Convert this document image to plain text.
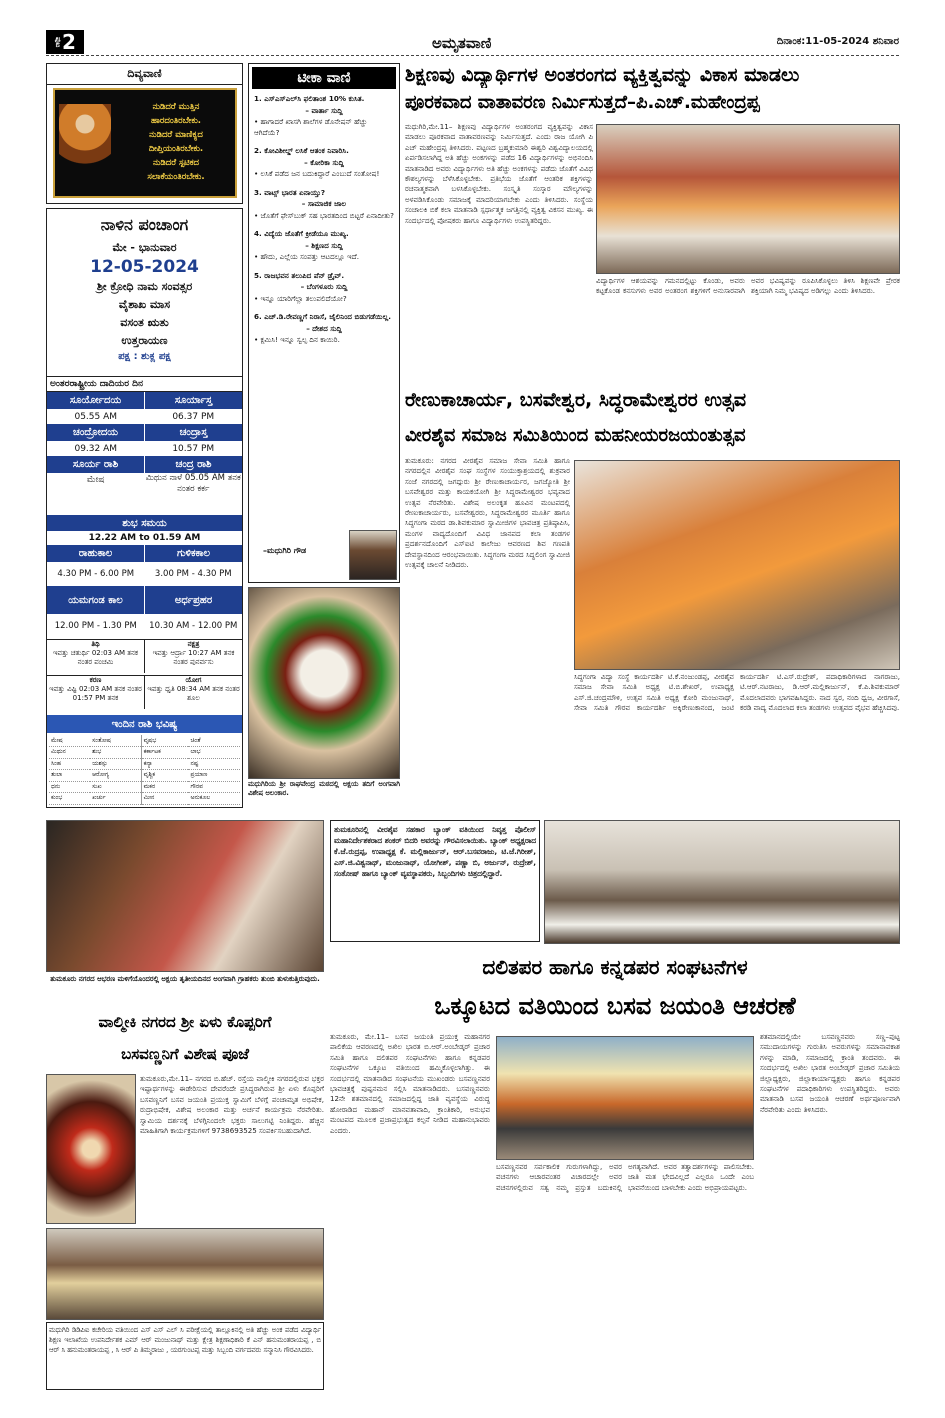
ಪುಟ 2	ಅಮೃತವಾಣಿ	ದಿನಾಂಕ:11-05-2024 ಶನಿವಾರ
ದಿವ್ಯವಾಣಿ
ನುಡಿದರೆ ಮುತ್ತಿನ
ಹಾರದಂತಿರಬೇಕು.
ನುಡಿದರೆ ಮಾಣಿಕ್ಯದ
ದೀಪ್ತಿಯಂತಿರಬೇಕು.
ನುಡಿದರೆ ಸ್ಪಟಿಕದ
ಸಲಾಕೆಯಂತಿರಬೇಕು.
ನಾಳಿನ ಪಂಚಾಂಗ
ಮೇ - ಭಾನುವಾರ
12-05-2024
ಶ್ರೀ ಕ್ರೋಧಿ ನಾಮ ಸಂವತ್ಸರ
ವೈಶಾಖ ಮಾಸ
ವಸಂತ ಋತು
ಉತ್ತರಾಯಣ
ಪಕ್ಷ : ಶುಕ್ಲ ಪಕ್ಷ
ಅಂತರರಾಷ್ಟ್ರೀಯ ದಾದಿಯರ ದಿನ
ಸೂರ್ಯೋದಯ	ಸೂರ್ಯಾಸ್ತ
05.55 AM	06.37 PM
ಚಂದ್ರೋದಯ	ಚಂದ್ರಾಸ್ತ
09.32 AM	10.57 PM
ಸೂರ್ಯ ರಾಶಿ	ಚಂದ್ರ ರಾಶಿ
ಮೇಷ	ಮಿಥುನ ನಾಳೆ 05.05 AM ತನಕ ನಂತರ ಕರ್ಕ
ಶುಭ ಸಮಯ
12.22 AM to 01.59 AM
ರಾಹುಕಾಲ	ಗುಳಿಕಕಾಲ
4.30 PM - 6.00 PM	3.00 PM - 4.30 PM
ಯಮಗಂಡ ಕಾಲ	ಅರ್ಧಪ್ರಹರ
12.00 PM - 1.30 PM	10.30 AM - 12.00 PM
ತಿಥಿ
ಇವತ್ತು ಚತುರ್ಥಿ 02:03 AM ತನಕ ನಂತರ ಪಂಚಮಿ
ನಕ್ಷತ್ರ
ಇವತ್ತು ಆರ್ದ್ರಾ 10:27 AM ತನಕ ನಂತರ ಪುನರ್ವಸು
ಕರಣ
ಇವತ್ತು ವಿಷ್ಟಿ 02:03 AM ತನಕ ನಂತರ 01:57 PM ತನಕ
ಯೋಗ
ಇವತ್ತು ಧೃತಿ 08:34 AM ತನಕ ನಂತರ ಶೂಲ
ಇಂದಿನ ರಾಶಿ ಭವಿಷ್ಯ
ಮೇಷ	ಸಂತೋಷ	ವೃಷಭ	ಚಿಂತೆ
ಮಿಥುನ	ಶುಭ	ಕರ್ಕಾಟಕ	ಲಾಭ
ಸಿಂಹ	ಯಶಸ್ಸು	ಕನ್ಯಾ	ನಷ್ಟ
ತುಲಾ	ಆರೋಗ್ಯ	ವೃಶ್ಚಿಕ	ಪ್ರಯಾಣ
ಧನು	ಸುಖ	ಮಕರ	ಗೌರವ
ಕುಂಭ	ಖರ್ಚು	ಮೀನ	ಅನುಕೂಲ
ಟೀಕಾ ವಾಣಿ
1. ಎಸ್‌ಎಸ್‌ಎಲ್‌ಸಿ ಫಲಿತಾಂಶ 10% ಕುಸಿತ.
– ವಾರ್ತಾ ಸುದ್ದಿ
• ಹಾಗಾದರೆ ಖಾಸಗಿ ಶಾಲೆಗಳ ಡೊನೇಷನ್ ಹೆಚ್ಚು ಆಗಿದೆಯೆ?
2. ಕೋವಿಶೀಲ್ಡ್ ಲಸಿಕೆ ಆತಂಕ ನಿವಾರಿಸಿ.
– ಕೋರಿಕಾ ಸುದ್ದಿ
• ಲಸಿಕೆ ಪಡೆದ ಜನ ಬದುಕಿದ್ದಾರೆ ಎಂಬುದೆ ಸಂತೋಷ!
3. ವಾಟ್ಸ್ ಭಾರತ ಏನಾಯ್ತು?
– ಸಾಮಾಜಿಕ ಜಾಲ
• ಜೊತೆಗೆ ಫೇಸ್‌ಬುಕ್ ಸಹ ಭಾರತದಿಂದ ಬಿಟ್ಟರೆ ಏನಾದೀತು?
4. ವಿದ್ಯೆಯ ಜೊತೆಗೆ ಕ್ರೀಡೆಯೂ ಮುಖ್ಯ.
– ಶಿಕ್ಷಣದ ಸುದ್ದಿ
• ಹೌದು, ಎಲ್ಲೆಯ ಸಂಪತ್ತು ಆಟದಲ್ಲೂ ಇದೆ.
5. ರಾಜಭವನ ತಲುಪಿದ ಪೆನ್ ಡ್ರೈವ್.
– ಬೆಂಗಳೂರು ಸುದ್ದಿ
• ಇನ್ನೂ ಯಾರಿಗೆಲ್ಲಾ ತಲುಪಲಿದೆಯೋ?
6. ಎಚ್.ಡಿ.ರೇವಣ್ಣಗೆ ನಿರಾಸೆ, ಜೈಲಿನಿಂದ ಬಿಡುಗಡೆಯಿಲ್ಲ.
– ದೇಶದ ಸುದ್ದಿ
• ಕ್ಷಮಿಸಿ! ಇನ್ನೂ ಸ್ವಲ್ಪ ದಿನ ಕಾಯಿರಿ.
–ಮಧುಗಿರಿ ಗೌಡ
ಮಧುಗಿರಿಯ ಶ್ರೀ ರಾಘವೇಂದ್ರ ಮಠದಲ್ಲಿ ಅಕ್ಷಯ ತದಿಗೆ ಅಂಗವಾಗಿ ವಿಶೇಷ ಅಲಂಕಾರ.
ಶಿಕ್ಷಣವು ವಿದ್ಯಾರ್ಥಿಗಳ ಅಂತರಂಗದ ವ್ಯಕ್ತಿತ್ವವನ್ನು ವಿಕಾಸ ಮಾಡಲು
ಪೂರಕವಾದ ವಾತಾವರಣ ನಿರ್ಮಿಸುತ್ತದೆ–ಪಿ.ಎಚ್.ಮಹೇಂದ್ರಪ್ಪ
ಮಧುಗಿರಿ,ಮೇ.11– ಶಿಕ್ಷಣವು ವಿದ್ಯಾರ್ಥಿಗಳ ಅಂತರಂಗದ ವ್ಯಕ್ತಿತ್ವವನ್ನು ವಿಕಾಸ ಮಾಡಲು ಪೂರಕವಾದ ವಾತಾವರಣವನ್ನು ನಿರ್ಮಿಸುತ್ತದೆ. ಎಂದು ರಾಜ ಯೋಗಿ ಪಿ ಎಚ್ ಮಹೇಂದ್ರಪ್ಪ ತಿಳಿಸಿದರು. ಪಟ್ಟಣದ ಬ್ರಹ್ಮಕುಮಾರಿ ಈಶ್ವರಿ ವಿಶ್ವವಿದ್ಯಾಲಯದಲ್ಲಿ ಏರ್ಪಡಿಸಲಾಗಿದ್ದ ಅತಿ ಹೆಚ್ಚು ಅಂಕಗಳನ್ನು ಪಡೆದ 16 ವಿದ್ಯಾರ್ಥಿಗಳನ್ನು ಅಭಿನಂದಿಸಿ ಮಾತನಾಡಿದ ಅವರು ವಿದ್ಯಾರ್ಥಿಗಳು ಅತಿ ಹೆಚ್ಚು ಅಂಕಗಳನ್ನು ಪಡೆದು ಜೊತೆಗೆ ವಿವಿಧ ಕೌಶಲ್ಯಗಳನ್ನು ಬೆಳೆಸಿಕೊಳ್ಳಬೇಕು. ಪ್ರತಿಭೆಯ ಜೊತೆಗೆ ಆಂತರಿಕ ಶಕ್ತಿಗಳನ್ನು ರಚನಾತ್ಮಕವಾಗಿ ಬಳಸಿಕೊಳ್ಳಬೇಕು. ಸಂಸ್ಕೃತಿ ಸಂಸ್ಕಾರ ಮೌಲ್ಯಗಳನ್ನು ಅಳವಡಿಸಿಕೊಂಡು ಸಮಾಜಕ್ಕೆ ಮಾದರಿಯಾಗಬೇಕು ಎಂದು ತಿಳಿಸಿದರು. ಸಂಸ್ಥೆಯ ಸಂಚಾಲಕಿ ಬಿಕೆ ಕಲಾ ಮಾತನಾಡಿ ಸ್ಪರ್ಧಾತ್ಮಕ ಜಗತ್ತಿನಲ್ಲಿ ವ್ಯಕ್ತಿತ್ವ ವಿಕಸನ ಮುಖ್ಯ. ಈ ಸಂದರ್ಭದಲ್ಲಿ ಪೋಷಕರು ಹಾಗೂ ವಿದ್ಯಾರ್ಥಿಗಳು ಉಪಸ್ಥಿತರಿದ್ದರು.
ವಿದ್ಯಾರ್ಥಿಗಳ ಆಶಯವನ್ನು ಗಮನದಲ್ಲಿಟ್ಟು ಕೊಂಡು, ಅವರು ಕಟ್ಟಕೊಂಡ ಕನಸುಗಳು ಅವರ ಅಂತರಂಗ ಶಕ್ತಿಗಳಿಗೆ ಅನುಸಾರವಾಗಿ ಅವರ ಭವಿಷ್ಯವನ್ನು ರೂಪಿಸಿಕೊಳ್ಳಲು ತಿಳಿಸಿ ಶಿಕ್ಷಣವೇ ಪ್ರೇರಕ ಶಕ್ತಿಯಾಗಿ ನಿಮ್ಮ ಭವಿಷ್ಯದ ಅಡಿಗಲ್ಲು ಎಂದು ತಿಳಿಸಿದರು.
ರೇಣುಕಾಚಾರ್ಯ, ಬಸವೇಶ್ವರ, ಸಿದ್ಧರಾಮೇಶ್ವರರ ಉತ್ಸವ
ವೀರಶೈವ ಸಮಾಜ ಸಮಿತಿಯಿಂದ ಮಹನೀಯರಜಯಂತುತ್ಸವ
ತುಮಕೂರು: ನಗರದ ವೀರಶೈವ ಸಮಾಜ ಸೇವಾ ಸಮಿತಿ ಹಾಗೂ ನಗರದಲ್ಲಿನ ವೀರಶೈವ ಸಂಘ ಸಂಸ್ಥೆಗಳ ಸಂಯುಕ್ತಾಶ್ರಯದಲ್ಲಿ ಶುಕ್ರವಾರ ಸಂಜೆ ನಗರದಲ್ಲಿ ಜಗದ್ಗುರು ಶ್ರೀ ರೇಣುಕಾಚಾರ್ಯರ, ಜಗಜ್ಯೋತಿ ಶ್ರೀ ಬಸವೇಶ್ವರರ ಮತ್ತು ಕಾಯಕಯೋಗಿ ಶ್ರೀ ಸಿದ್ಧರಾಮೇಶ್ವರರ ಭವ್ಯವಾದ ಉತ್ಸವ ನೆರವೇರಿತು. ವಿಶೇಷ ಅಲಂಕೃತ ಹೂವಿನ ಮಂಟಪದಲ್ಲಿ ರೇಣುಕಾಚಾರ್ಯರು, ಬಸವೇಶ್ವರರು, ಸಿದ್ಧರಾಮೇಶ್ವರರ ಮೂರ್ತಿ ಹಾಗೂ ಸಿದ್ಧಗಂಗಾ ಮಠದ ಡಾ.ಶಿವಕುಮಾರ ಸ್ವಾಮೀಜಿಗಳ ಭಾವಚಿತ್ರ ಪ್ರತಿಷ್ಠಾಪಿಸಿ, ಮಂಗಳ ವಾದ್ಯದೊಂದಿಗೆ ವಿವಿಧ ಜಾನಪದ ಕಲಾ ತಂಡಗಳ ಪ್ರದರ್ಶನದೊಂದಿಗೆ ಎಸ್‌ಐಟಿ ಕಾಲೇಜು ಆವರಣದ ಶಿವ ಗಣಪತಿ ದೇವಸ್ಥಾನದಿಂದ ಆರಂಭವಾಯಿತು. ಸಿದ್ಧಗಂಗಾ ಮಠದ ಸಿದ್ಧಲಿಂಗ ಸ್ವಾಮೀಜಿ ಉತ್ಸವಕ್ಕೆ ಚಾಲನೆ ನೀಡಿದರು.
ಸಿದ್ಧಗಂಗಾ ವಿದ್ಯಾ ಸಂಸ್ಥೆ ಕಾರ್ಯದರ್ಶಿ ಟಿ.ಕೆ.ನಂಜುಂಡಪ್ಪ, ವೀರಶೈವ ಸಮಾಜ ಸೇವಾ ಸಮಿತಿ ಅಧ್ಯಕ್ಷ ಟಿ.ಬಿ.ಶೇಖರ್, ಉಪಾಧ್ಯಕ್ಷ ಎಸ್.ಜಿ.ಚಂದ್ರಮೌಳಿ, ಉತ್ಸವ ಸಮಿತಿ ಅಧ್ಯಕ್ಷ ಕೋರಿ ಮಂಜುನಾಥ್, ಸೇವಾ ಸಮಿತಿ ಗೌರವ ಕಾರ್ಯದರ್ಶಿ ಅಕ್ಕಿರೇಣುಕಾನಂದ, ಜಂಟಿ ಕಾರ್ಯದರ್ಶಿ ಟಿ.ಎಸ್.ರುದ್ರೇಶ್, ಪದಾಧಿಕಾರಿಗಳಾದ ನಾಗರಾಜು, ಟಿ.ಆರ್.ನಟರಾಜು, ಡಿ.ಆರ್.ಮಲ್ಲಿಕಾರ್ಜುನ್, ಕೆ.ಪಿ.ಶಿವಕುಮಾರ್ ಮೊದಲಾದವರು ಭಾಗವಹಿಸಿದ್ದರು. ನಾದ ಸ್ವರ, ನಂದಿ ಧ್ವಜ, ವೀರಗಾಸೆ, ಕರಡಿ ವಾದ್ಯ ಮೊದಲಾದ ಕಲಾ ತಂಡಗಳು ಉತ್ಸವದ ವೈಭವ ಹೆಚ್ಚಿಸಿದವು.
ತುಮಕೂರು ನಗರದ ಆಭರಣ ಮಳಿಗೆಯೊಂದರಲ್ಲಿ ಅಕ್ಷಯ ತೃತೀಯದಿನದ ಅಂಗವಾಗಿ ಗ್ರಾಹಕರು ತುಂಬಿ ತುಳುಕುತ್ತಿರುವುದು.
ತುಮಕೂರಿನಲ್ಲಿ ವೀರಶೈವ ಸಹಕಾರ ಬ್ಯಾಂಕ್ ವತಿಯಿಂದ ನಿವೃತ್ತ ಪೊಲೀಸ್ ಮಹಾನಿರ್ದೇಶಕರಾದ ಶಂಕರ್ ಬಿದರಿ ಅವರನ್ನು ಗೌರವಿಸಲಾಯಿತು. ಬ್ಯಾಂಕ್ ಅಧ್ಯಕ್ಷರಾದ ಕೆ.ಜೆ.ರುದ್ರಪ್ಪ, ಉಪಾಧ್ಯಕ್ಷ ಕೆ. ಮಲ್ಲಿಕಾರ್ಜುನ್, ಆರ್.ಬಸವರಾಜು, ಟಿ.ಜೆ.ಗಿರೀಶ್, ಎಸ್.ಜಿ.ವಿಶ್ವನಾಥ್, ಮಂಜುನಾಥ್, ಯೋಗೀಶ್, ಪಣ್ಣಾ ಬಿ, ಅರ್ಜುನ್, ರುದ್ರೇಶ್, ಸಂತೋಷ್ ಹಾಗೂ ಬ್ಯಾಂಕ್ ವ್ಯವಸ್ಥಾಪಕರು, ಸಿಬ್ಬಂದಿಗಳು ಚಿತ್ರದಲ್ಲಿದ್ದಾರೆ.
ವಾಲ್ಮೀಕಿ ನಗರದ ಶ್ರೀ ಏಳು ಕೊಪ್ಪರಿಗೆ
ಬಸವಣ್ಣನಿಗೆ ವಿಶೇಷ ಪೂಜೆ
ತುಮಕೂರು,ಮೇ.11– ನಗರದ ಬಿ.ಹೆಚ್. ರಸ್ತೆಯ ವಾಲ್ಮೀಕಿ ನಗರದಲ್ಲಿರುವ ಭಕ್ತರ ಇಷ್ಟಾರ್ಥಗಳನ್ನು ಈಡೇರಿಸುವ ದೇವರೆಂದೇ ಪ್ರಸಿದ್ಧರಾಗಿರುವ ಶ್ರೀ ಏಳು ಕೊಪ್ಪರಿಗೆ ಬಸವಣ್ಣನಿಗೆ ಬಸವ ಜಯಂತಿ ಪ್ರಯುಕ್ತ ಸ್ವಾಮಿಗೆ ಬೆಳಗ್ಗೆ ಪಂಚಾಮೃತ ಅಭಿಷೇಕ, ರುದ್ರಾಭಿಷೇಕ, ವಿಶೇಷ ಅಲಂಕಾರ ಮತ್ತು ಅರ್ಚನೆ ಕಾರ್ಯಕ್ರಮ ನೆರವೇರಿತು. ಸ್ವಾಮಿಯ ದರ್ಶನಕ್ಕೆ ಬೆಳಗ್ಗಿನಿಂದಲೇ ಭಕ್ತರು ಸಾಲುಗಟ್ಟಿ ನಿಂತಿದ್ದರು. ಹೆಚ್ಚಿನ ಮಾಹಿತಿಗಾಗಿ ಕಾರ್ಯಕ್ರಮಗಳಿಗೆ 9738693525 ಸಂಪರ್ಕಿಸಬಹುದಾಗಿದೆ.
ಮಧುಗಿರಿ ಡಿಡಿಪಿಐ ಕಚೇರಿಯ ವತಿಯಿಂದ ಎಸ್ ಎಸ್ ಎಲ್ ಸಿ ಪರೀಕ್ಷೆಯಲ್ಲಿ ತಾಲ್ಲೂಕಿನಲ್ಲಿ ಅತಿ ಹೆಚ್ಚು ಅಂಕ ಪಡೆದ ವಿದ್ಯಾರ್ಥಿ ಶಿಕ್ಷಣ ಇಲಾಖೆಯ ಉಪನಿರ್ದೇಶಕ ಎಮ್ ಆರ್ ಮಂಜುನಾಥ್ ಮತ್ತು ಕ್ಷೇತ್ರ ಶಿಕ್ಷಣಾಧಿಕಾರಿ ಕೆ ಎನ್ ಹನುಮಂತರಾಯಪ್ಪ , ಬಿ ಆರ್ ಸಿ ಹನುಮಂತರಾಯಪ್ಪ , ಸಿ ಆರ್ ಪಿ ತಿಮ್ಮರಾಜು , ಯರಗುಂಟಪ್ಪ ಮತ್ತು ಸಿಬ್ಬಂದಿ ವರ್ಗದವರು ಸನ್ಮಾನಿಸಿ ಗೌರವಿಸಿದರು.
ದಲಿತಪರ ಹಾಗೂ ಕನ್ನಡಪರ ಸಂಘಟನೆಗಳ
ಒಕ್ಕೂಟದ ವತಿಯಿಂದ ಬಸವ ಜಯಂತಿ ಆಚರಣೆ
ತುಮಕೂರು, ಮೇ.11– ಬಸವ ಜಯಂತಿ ಪ್ರಯುಕ್ತ ಮಹಾನಗರ ಪಾಲಿಕೆಯ ಆವರಣದಲ್ಲಿ ಅಖಿಲ ಭಾರತ ಬಿ.ಆರ್.ಅಂಬೇಡ್ಕರ್ ಪ್ರಚಾರ ಸಮಿತಿ ಹಾಗೂ ದಲಿತಪರ ಸಂಘಟನೆಗಳು ಹಾಗೂ ಕನ್ನಡಪರ ಸಂಘಟನೆಗಳ ಒಕ್ಕೂಟ ವತಿಯಿಂದ ಹಮ್ಮಿಕೊಳ್ಳಲಾಗಿತ್ತು. ಈ ಸಂದರ್ಭದಲ್ಲಿ ಮಾತನಾಡಿದ ಸಂಘಟನೆಯ ಮುಖಂಡರು ಬಸವಣ್ಣನವರ ಭಾವಚಿತ್ರಕ್ಕೆ ಪುಷ್ಪನಮನ ಸಲ್ಲಿಸಿ ಮಾತನಾಡಿದರು. ಬಸವಣ್ಣನವರು 12ನೇ ಶತಮಾನದಲ್ಲಿ ಸಮಾಜದಲ್ಲಿದ್ದ ಜಾತಿ ವ್ಯವಸ್ಥೆಯ ವಿರುದ್ಧ ಹೋರಾಡಿದ ಮಹಾನ್ ಮಾನವತಾವಾದಿ, ಕ್ರಾಂತಿಕಾರಿ, ಅನುಭವ ಮಂಟಪದ ಮೂಲಕ ಪ್ರಜಾಪ್ರಭುತ್ವದ ಕಲ್ಪನೆ ನೀಡಿದ ಮಹಾನುಭಾವರು ಎಂದರು.
ಬಸವಣ್ಣನವರ ಸರ್ವಕಾಲಿಕ ಗುರುಗಳಾಗಿದ್ದು, ಅವರ ವಚನಗಳು ಆಚಾರವಂತರ ವಿಚಾರದಲ್ಲೇ ಅವರ ವಚನಗಳಲ್ಲಿರುವ ಸತ್ವ ನಮ್ಮ ಪ್ರಸ್ತುತ ಬದುಕಿನಲ್ಲಿ ಅಗತ್ಯವಾಗಿದೆ. ಅವರ ತತ್ವಾದರ್ಶಗಳನ್ನು ಪಾಲಿಸಬೇಕು. ಜಾತಿ ಮತ ಭೇದವಿಲ್ಲದೆ ಎಲ್ಲರೂ ಒಂದೇ ಎಂಬ ಭಾವನೆಯಿಂದ ಬಾಳಬೇಕು ಎಂದು ಅಭಿಪ್ರಾಯಪಟ್ಟರು.
ಶತಮಾನದಲ್ಲಿಯೇ ಬಸವಣ್ಣನವರು ಸಣ್ಣ–ಪುಟ್ಟ ಸಮುದಾಯಗಳನ್ನು ಗುರುತಿಸಿ ಅವರುಗಳನ್ನು ಸಮಾನಾವಕಾಶ ಗಳನ್ನು ಮಾಡಿ, ಸಮಾಜದಲ್ಲಿ ಕ್ರಾಂತಿ ತಂದವರು. ಈ ಸಂದರ್ಭದಲ್ಲಿ ಅಖಿಲ ಭಾರತ ಅಂಬೇಡ್ಕರ್ ಪ್ರಚಾರ ಸಮಿತಿಯ ಜಿಲ್ಲಾಧ್ಯಕ್ಷರು, ಜಿಲ್ಲಾಕಾರ್ಯಾಧ್ಯಕ್ಷರು ಹಾಗೂ ಕನ್ನಡಪರ ಸಂಘಟನೆಗಳ ಪದಾಧಿಕಾರಿಗಳು ಉಪಸ್ಥಿತರಿದ್ದರು. ಅವರು ಮಾತನಾಡಿ ಬಸವ ಜಯಂತಿ ಆಚರಣೆ ಅರ್ಥಪೂರ್ಣವಾಗಿ ನೆರವೇರಿತು ಎಂದು ತಿಳಿಸಿದರು.
